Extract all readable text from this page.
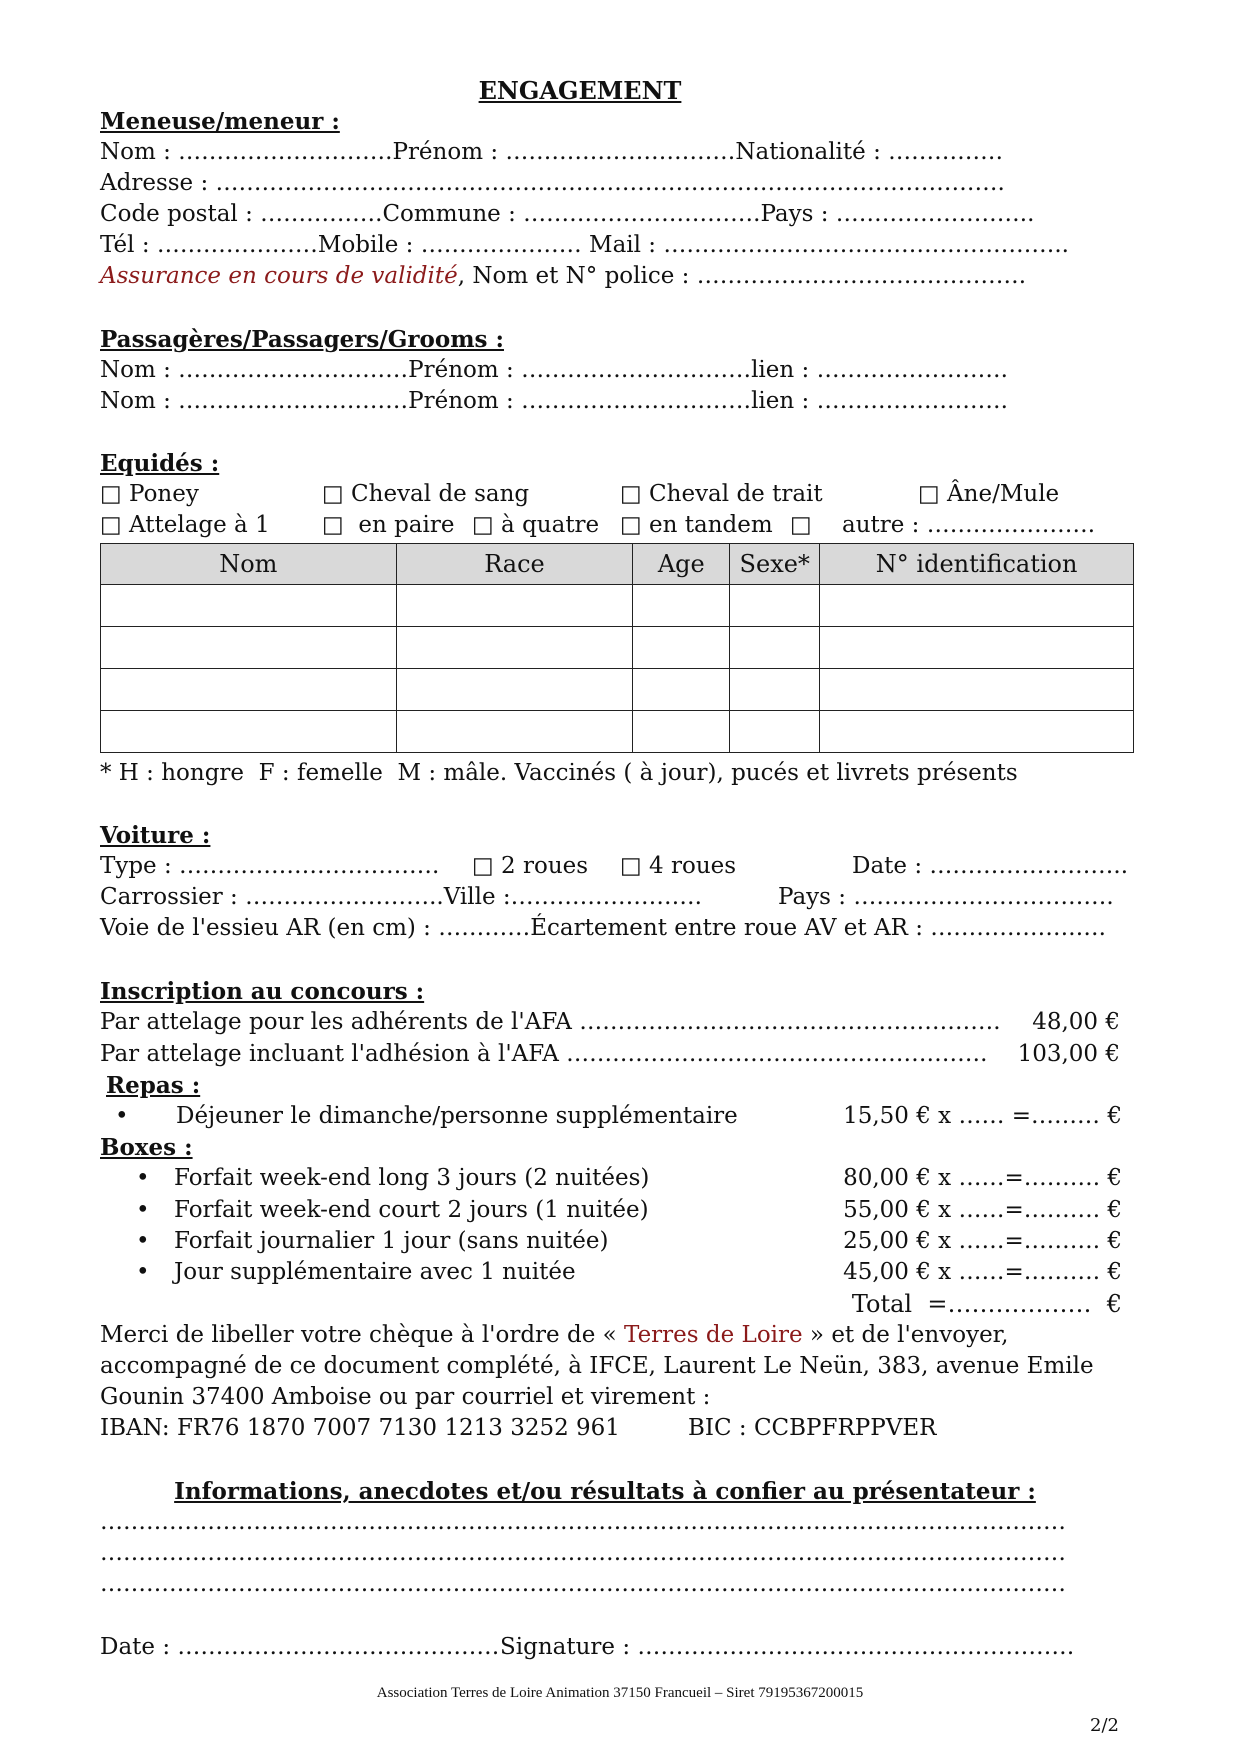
ENGAGEMENT
Meneuse/meneur :
Nom : ……………………….Prénom : …………………………Nationalité : ……………
Adresse : ………………………………………………………………………………………….
Code postal : …………….Commune : ………………………….Pays : ……………………..
Tél : …………………Mobile : ………………… Mail : ……………………………………………..
Assurance en cours de validité, Nom et N° police : …………………………………….
Passagères/Passagers/Grooms :
Nom : …………………………Prénom : …………………………lien : …………………….
Nom : …………………………Prénom : …………………………lien : …………………….
Equidés :
□ Poney	□ Cheval de sang	□ Cheval de trait	□ Âne/Mule
□ Attelage à 1	□  en paire □ à quatre □ en tandem □	autre : ………………….
Nom	Race	Age	Sexe*	N° identification

* H : hongre  F : femelle  M : mâle. Vaccinés ( à jour), pucés et livrets présents
Voiture :
Type : ……………………………. □ 2 roues	□ 4 roues	Date : ……………………..
Carrossier : ……………………..Ville :…………………….	Pays : …………………………….
Voie de l'essieu AR (en cm) : …………Écartement entre roue AV et AR : ……………….….
Inscription au concours :
Par attelage pour les adhérents de l'AFA ……………………………………………….	48,00 €
Par attelage incluant l'adhésion à l'AFA ……………………………………………….	103,00 €
Repas :
• Déjeuner le dimanche/personne supplémentaire	15,50 € x …… =……… €
Boxes :
• Forfait week-end long 3 jours (2 nuitées)	80,00 € x ……=………. €
• Forfait week-end court 2 jours (1 nuitée)	55,00 € x ……=………. €
• Forfait journalier 1 jour (sans nuitée)	25,00 € x ……=………. €
• Jour supplémentaire avec 1 nuitée	45,00 € x ……=………. €
Total  =………………  €
Merci de libeller votre chèque à l'ordre de « Terres de Loire » et de l'envoyer,
accompagné de ce document complété, à IFCE, Laurent Le Neün, 383, avenue Emile
Gounin 37400 Amboise ou par courriel et virement :
IBAN: FR76 1870 7007 7130 1213 3252 961	BIC : CCBPFRPPVER
Informations, anecdotes et/ou résultats à confier au présentateur :
………………………………………………………………………………………………………………
………………………………………………………………………………………………………………
………………………………………………………………………………………………………………
Date : …………………………………… Signature : …………………………………………………
Association Terres de Loire Animation 37150 Francueil – Siret 79195367200015
2/2
